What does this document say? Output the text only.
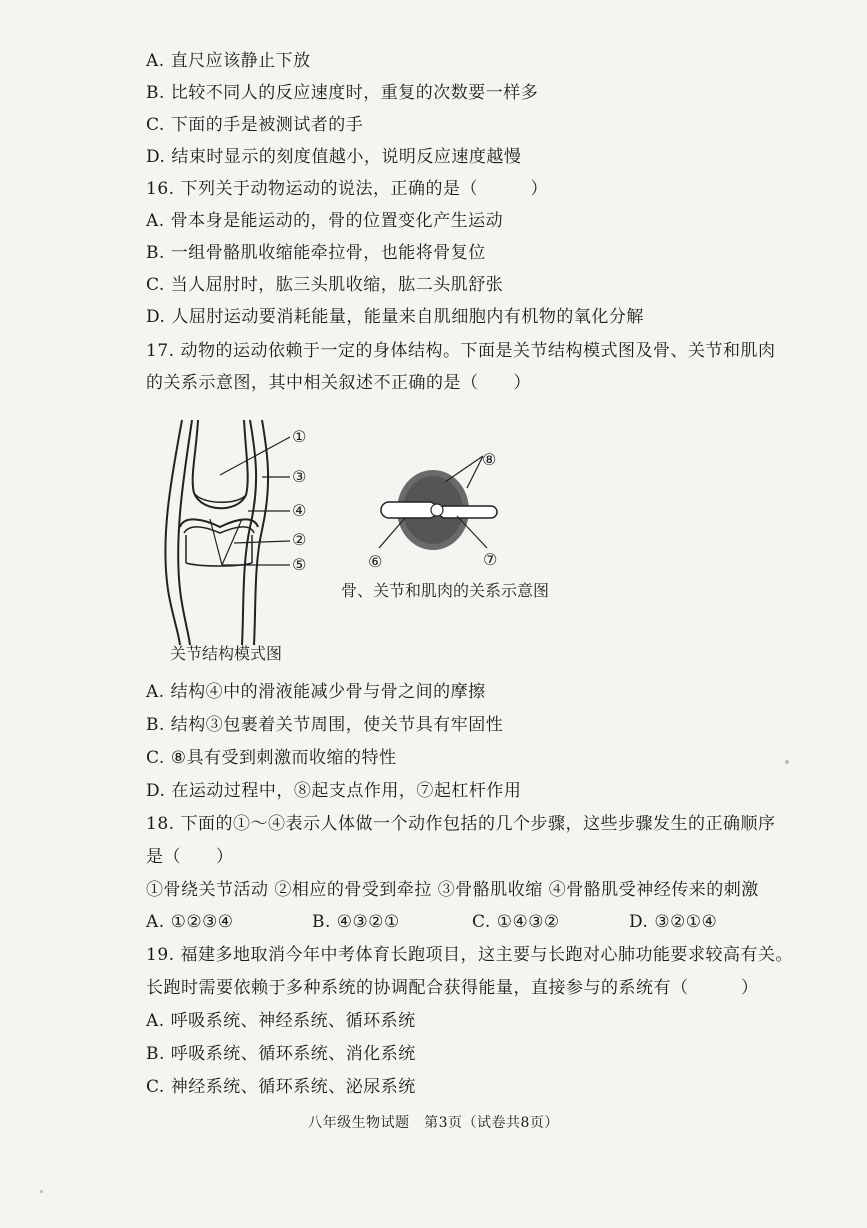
A. 直尺应该静止下放
B. 比较不同人的反应速度时，重复的次数要一样多
C. 下面的手是被测试者的手
D. 结束时显示的刻度值越小，说明反应速度越慢
16. 下列关于动物运动的说法，正确的是（　　　）
A. 骨本身是能运动的，骨的位置变化产生运动
B. 一组骨骼肌收缩能牵拉骨，也能将骨复位
C. 当人屈肘时，肱三头肌收缩，肱二头肌舒张
D. 人屈肘运动要消耗能量，能量来自肌细胞内有机物的氧化分解
17. 动物的运动依赖于一定的身体结构。下面是关节结构模式图及骨、关节和肌肉
的关系示意图，其中相关叙述不正确的是（　　）
①
③
④
②
⑤
关节结构模式图
⑧
⑥	⑦
骨、关节和肌肉的关系示意图
A. 结构④中的滑液能减少骨与骨之间的摩擦
B. 结构③包裹着关节周围，使关节具有牢固性
C. ⑧具有受到刺激而收缩的特性
D. 在运动过程中，⑧起支点作用，⑦起杠杆作用
18. 下面的①～④表示人体做一个动作包括的几个步骤，这些步骤发生的正确顺序
是（　　）
①骨绕关节活动 ②相应的骨受到牵拉 ③骨骼肌收缩 ④骨骼肌受神经传来的刺激
A. ①②③④	B. ④③②①	C. ①④③②	D. ③②①④
19. 福建多地取消今年中考体育长跑项目，这主要与长跑对心肺功能要求较高有关。
长跑时需要依赖于多种系统的协调配合获得能量，直接参与的系统有（　　　）
A. 呼吸系统、神经系统、循环系统
B. 呼吸系统、循环系统、消化系统
C. 神经系统、循环系统、泌尿系统
八年级生物试题　第3页（试卷共8页）
